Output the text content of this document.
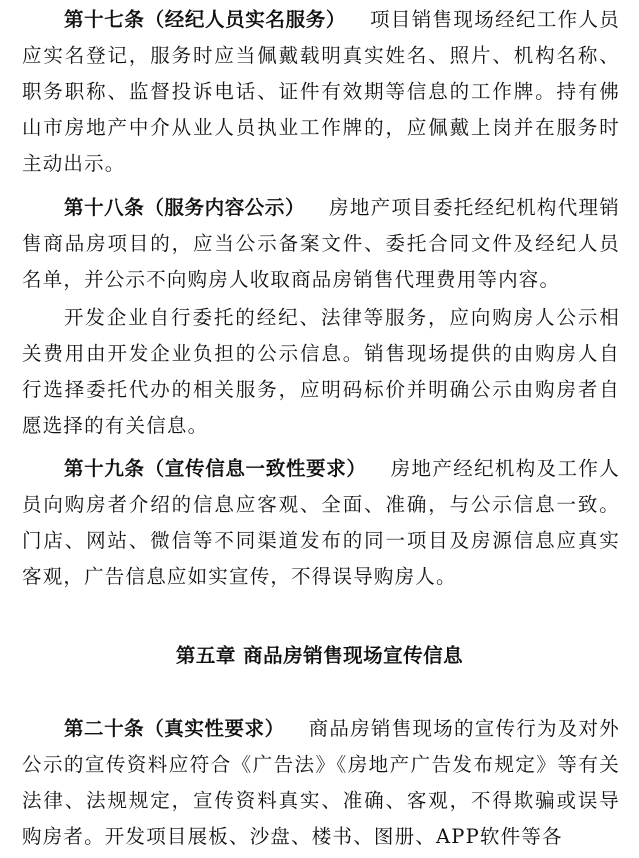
第十七条（经纪人员实名服务） 项目销售现场经纪工作人员应实名登记，服务时应当佩戴载明真实姓名、照片、机构名称、职务职称、监督投诉电话、证件有效期等信息的工作牌。持有佛山市房地产中介从业人员执业工作牌的，应佩戴上岗并在服务时主动出示。

第十八条（服务内容公示） 房地产项目委托经纪机构代理销售商品房项目的，应当公示备案文件、委托合同文件及经纪人员名单，并公示不向购房人收取商品房销售代理费用等内容。

开发企业自行委托的经纪、法律等服务，应向购房人公示相关费用由开发企业负担的公示信息。销售现场提供的由购房人自行选择委托代办的相关服务，应明码标价并明确公示由购房者自愿选择的有关信息。

第十九条（宣传信息一致性要求） 房地产经纪机构及工作人员向购房者介绍的信息应客观、全面、准确，与公示信息一致。门店、网站、微信等不同渠道发布的同一项目及房源信息应真实客观，广告信息应如实宣传，不得误导购房人。

第五章 商品房销售现场宣传信息

第二十条（真实性要求） 商品房销售现场的宣传行为及对外公示的宣传资料应符合《广告法》《房地产广告发布规定》等有关法律、法规规定，宣传资料真实、准确、客观，不得欺骗或误导购房者。开发项目展板、沙盘、楼书、图册、APP软件等各
